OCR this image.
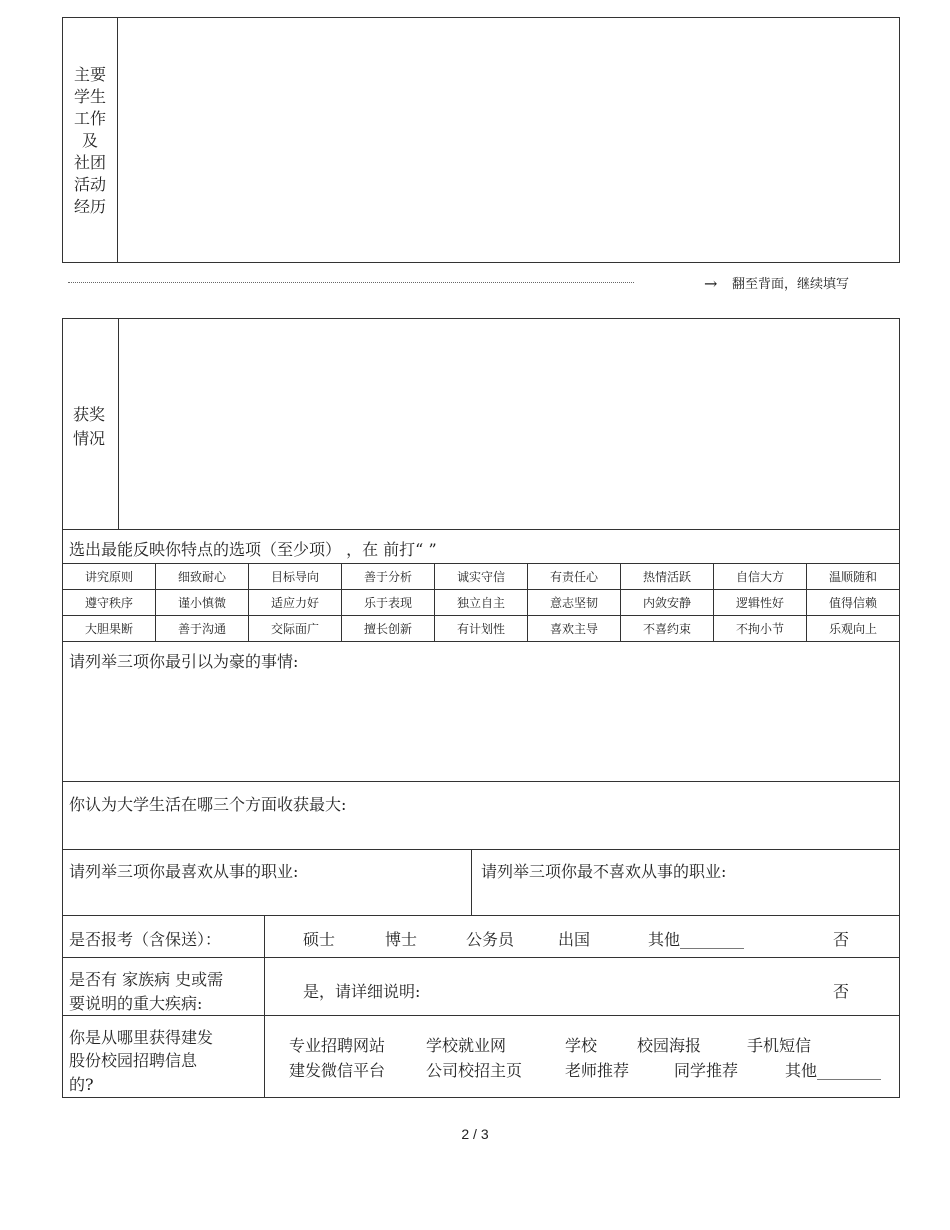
主要
学生
工作
及
社团
活动
经历
→ 翻至背面，继续填写
获奖
情况
选出最能反映你特点的选项（至少项） ，在 前打“ ”
讲究原则	细致耐心	目标导向	善于分析	诚实守信	有责任心	热情活跃	自信大方	温顺随和
遵守秩序	谨小慎微	适应力好	乐于表现	独立自主	意志坚韧	内敛安静	逻辑性好	值得信赖
大胆果断	善于沟通	交际面广	擅长创新	有计划性	喜欢主导	不喜约束	不拘小节	乐观向上
请列举三项你最引以为豪的事情:
你认为大学生活在哪三个方面收获最大:
请列举三项你最喜欢从事的职业:	请列举三项你最不喜欢从事的职业:
是否报考（含保送）：	硕士	博士	公务员	出国	其他________	否
是否有 家族病 史或需
要说明的重大疾病:
是，请详细说明:	否
你是从哪里获得建发
股份校园招聘信息
的?
专业招聘网站	学校就业网	学校 校园海报	手机短信
建发微信平台	公司校招主页	老师推荐	同学推荐	其他________
2 / 3
